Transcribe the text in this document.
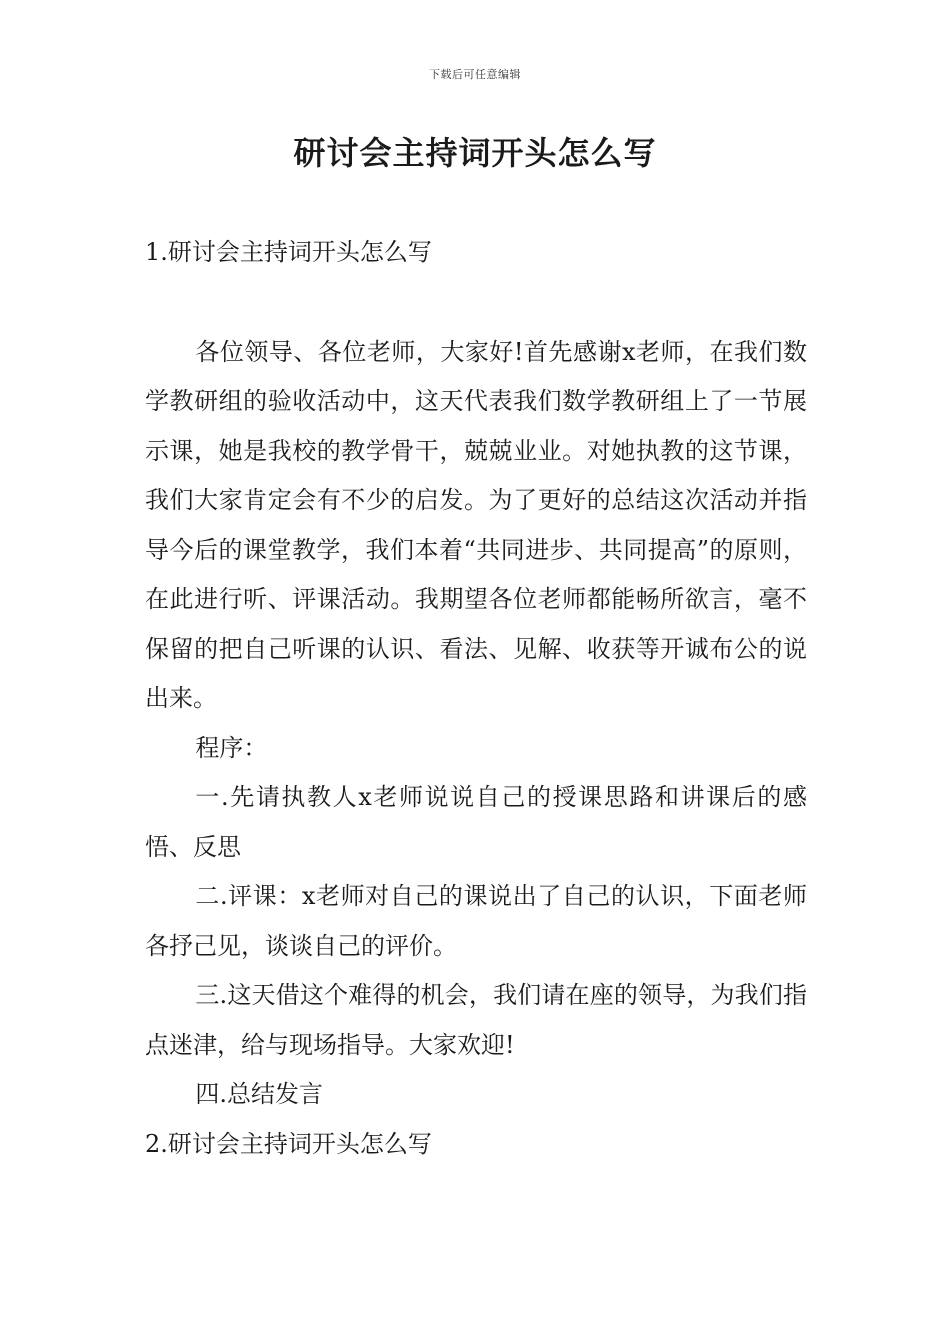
下载后可任意编辑
研讨会主持词开头怎么写
1.研讨会主持词开头怎么写

各位领导、各位老师，大家好!首先感谢x老师，在我们数学教研组的验收活动中，这天代表我们数学教研组上了一节展示课，她是我校的教学骨干，兢兢业业。对她执教的这节课，我们大家肯定会有不少的启发。为了更好的总结这次活动并指导今后的课堂教学，我们本着“共同进步、共同提高”的原则，在此进行听、评课活动。我期望各位老师都能畅所欲言，毫不保留的把自己听课的认识、看法、见解、收获等开诚布公的说出来。

程序：

一.先请执教人x老师说说自己的授课思路和讲课后的感悟、反思

二.评课：x老师对自己的课说出了自己的认识，下面老师各抒己见，谈谈自己的评价。

三.这天借这个难得的机会，我们请在座的领导，为我们指点迷津，给与现场指导。大家欢迎!

四.总结发言

2.研讨会主持词开头怎么写
